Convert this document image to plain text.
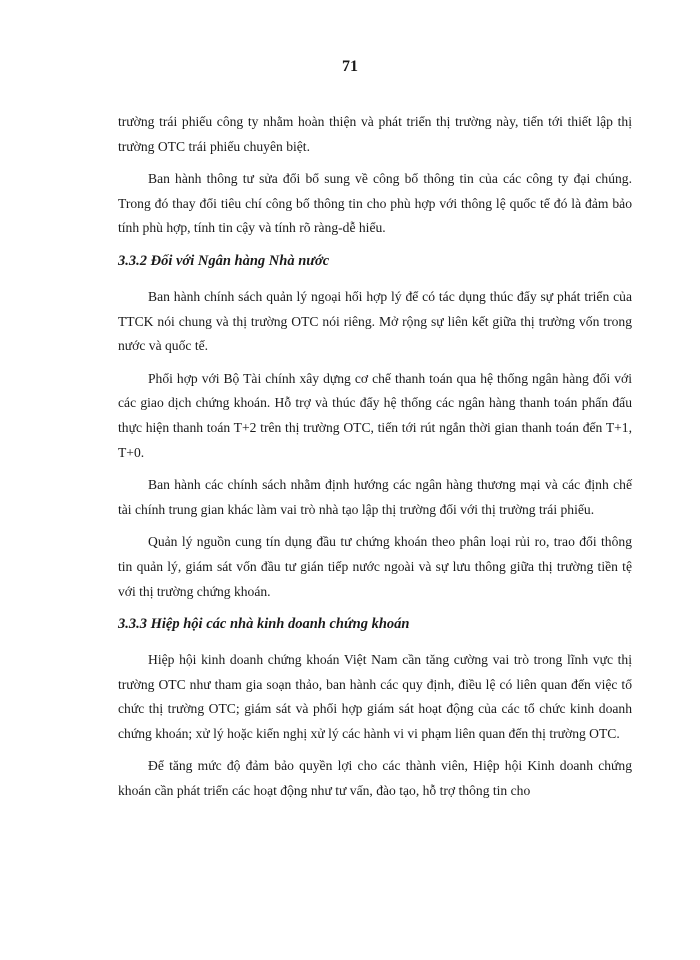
71

trường trái phiếu công ty nhằm hoàn thiện và phát triển thị trường này, tiến tới thiết lập thị trường OTC trái phiếu chuyên biệt.

Ban hành thông tư sửa đổi bổ sung về công bố thông tin của các công ty đại chúng. Trong đó thay đổi tiêu chí công bố thông tin cho phù hợp với thông lệ quốc tế đó là đảm bảo tính phù hợp, tính tin cậy và tính rõ ràng-dễ hiểu.

3.3.2 Đối với Ngân hàng Nhà nước

Ban hành chính sách quản lý ngoại hối hợp lý để có tác dụng thúc đẩy sự phát triển của TTCK nói chung và thị trường OTC nói riêng. Mở rộng sự liên kết giữa thị trường vốn trong nước và quốc tế.

Phối hợp với Bộ Tài chính xây dựng cơ chế thanh toán qua hệ thống ngân hàng đối với các giao dịch chứng khoán. Hỗ trợ và thúc đẩy hệ thống các ngân hàng thanh toán phấn đấu thực hiện thanh toán T+2 trên thị trường OTC, tiến tới rút ngắn thời gian thanh toán đến T+1, T+0.

Ban hành các chính sách nhằm định hướng các ngân hàng thương mại và các định chế tài chính trung gian khác làm vai trò nhà tạo lập thị trường đối với thị trường trái phiếu.

Quản lý nguồn cung tín dụng đầu tư chứng khoán theo phân loại rủi ro, trao đổi thông tin quản lý, giám sát vốn đầu tư gián tiếp nước ngoài và sự lưu thông giữa thị trường tiền tệ với thị trường chứng khoán.

3.3.3 Hiệp hội các nhà kinh doanh chứng khoán

Hiệp hội kinh doanh chứng khoán Việt Nam cần tăng cường vai trò trong lĩnh vực thị trường OTC như tham gia soạn thảo, ban hành các quy định, điều lệ có liên quan đến việc tổ chức thị trường OTC; giám sát và phối hợp giám sát hoạt động của các tổ chức kinh doanh chứng khoán; xử lý hoặc kiến nghị xử lý các hành vi vi phạm liên quan đến thị trường OTC.

Để tăng mức độ đảm bảo quyền lợi cho các thành viên, Hiệp hội Kinh doanh chứng khoán cần phát triển các hoạt động như tư vấn, đào tạo, hỗ trợ thông tin cho
